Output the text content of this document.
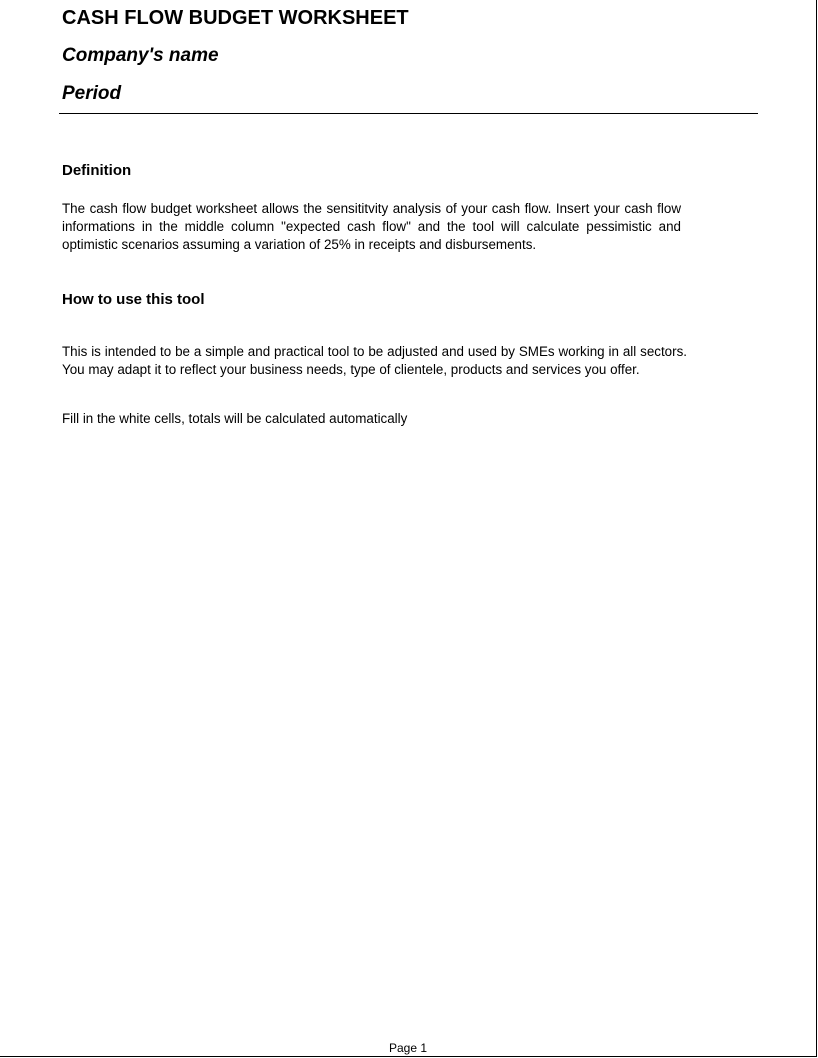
CASH FLOW BUDGET WORKSHEET
Company's name
Period
Definition
The cash flow budget worksheet allows the sensititvity analysis of your cash flow. Insert your cash flow informations in the middle column "expected cash flow" and the tool will calculate pessimistic and optimistic scenarios assuming a variation of 25% in receipts and disbursements.
How to use this tool
This is intended to be a simple and practical tool to be adjusted and used by SMEs working in all sectors. You may adapt it to reflect your business needs, type of clientele, products and services you offer.
Fill in the white cells, totals will be calculated automatically
Page 1
